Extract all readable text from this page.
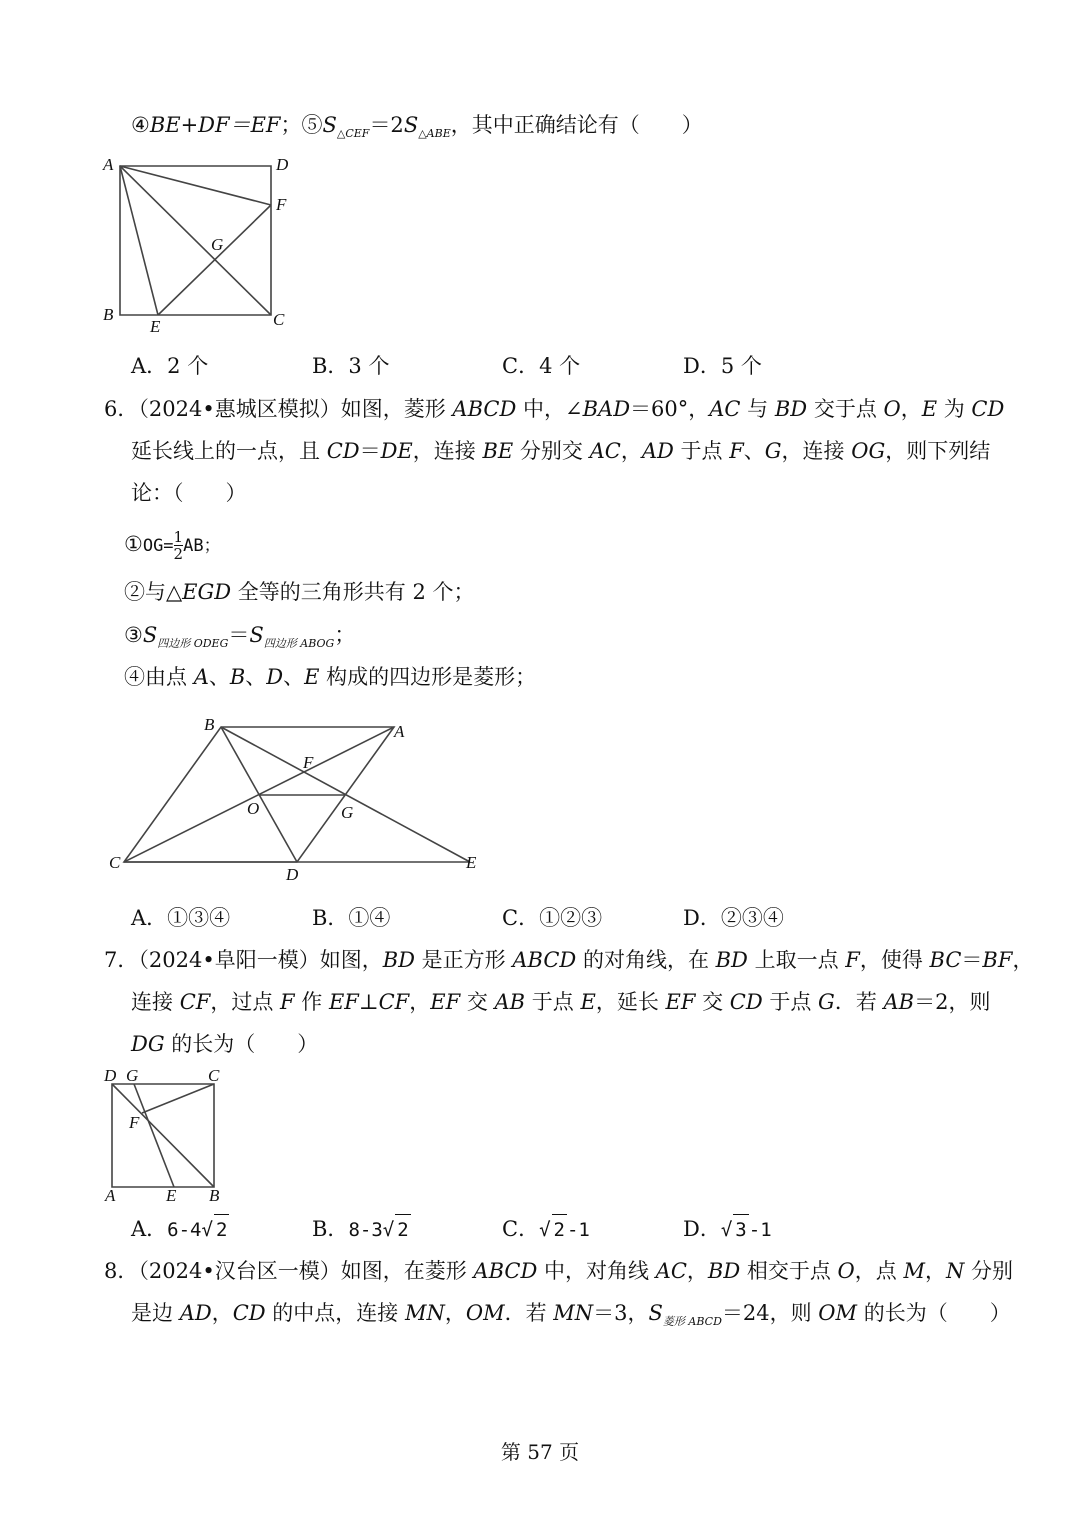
④BE+DF＝EF；$⑤S_{\triangle CEF}=2S_{\triangle ABE}$，其中正确结论有（　　）
A	D
F
G
B
E	C
A．2 个	B．3 个	C．4 个	D．5 个
6．（2024•惠城区模拟）如图，菱形 ABCD 中，∠BAD＝60°，AC 与 BD 交于点 O，E 为 CD
延长线上的一点，且 CD＝DE，连接 BE 分别交 AC，AD 于点 F、G，连接 OG，则下列结
论：（　　）
①OG= $\frac{1}{2}$ AB；
②与△EGD 全等的三角形共有 2 个；
$③S_{四边形 ODEG}=S_{四边形 ABOG}$；
④由点 A、B、D、E 构成的四边形是菱形；
B	A
F
O	G
C
D
E
A．①③④	B．①④	C．①②③	D．②③④
7．（2024•阜阳一模）如图，BD 是正方形 ABCD 的对角线，在 BD 上取一点 F，使得 BC＝BF，
连接 CF，过点 F 作 EF⊥CF，EF 交 AB 于点 E，延长 EF 交 CD 于点 G．若 AB＝2，则
DG 的长为（　　）
D G	C
F
A	E B
A．6-4√ 2	B．8-3√ 2	C．√ 2 -1	D．√ 3 -1
8．（2024•汉台区一模）如图，在菱形 ABCD 中，对角线 AC，BD 相交于点 O，点 M，N 分别
是边 AD，CD 的中点，连接 MN，OM．若 MN＝3，$S_{菱形 ABCD}=24$，则 OM 的长为（　　）
第 57 页
